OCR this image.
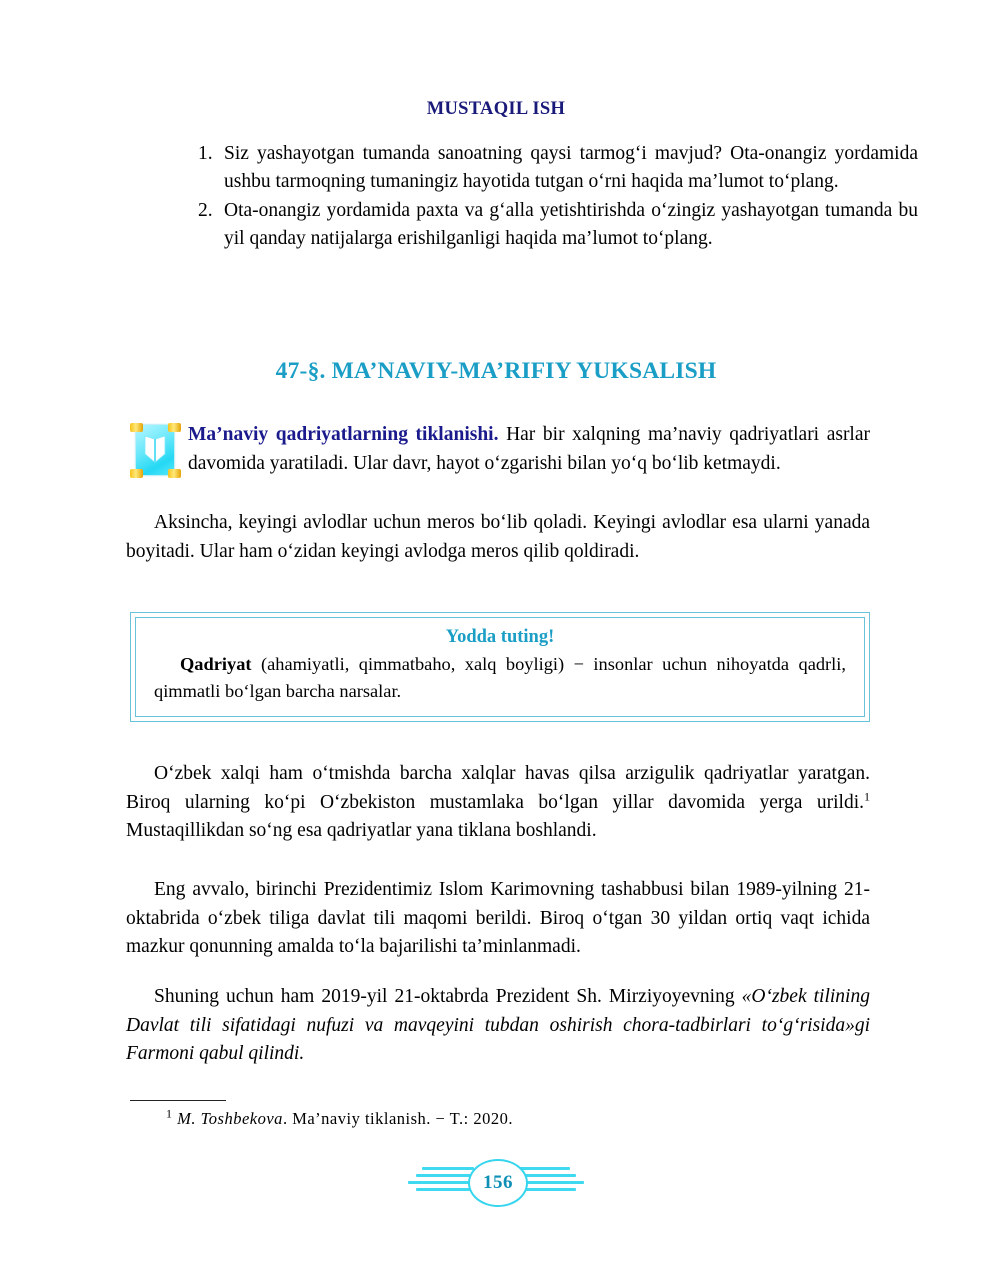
MUSTAQIL ISH
1. Siz yashayotgan tumanda sanoatning qaysi tarmog‘i mavjud? Ota-onangiz yordamida ushbu tarmoqning tumaningiz hayotida tutgan o‘rni haqida ma’lumot to‘plang.
2. Ota-onangiz yordamida paxta va g‘alla yetishtirishda o‘zingiz yashayotgan tumanda bu yil qanday natijalarga erishilganligi haqida ma’lumot to‘plang.
47-§. MA’NAVIY-MA’RIFIY YUKSALISH
Ma’naviy qadriyatlarning tiklanishi. Har bir xalqning ma’naviy qadriyatlari asrlar davomida yaratiladi. Ular davr, hayot o‘zgarishi bilan yo‘q bo‘lib ketmaydi.
Aksincha, keyingi avlodlar uchun meros bo‘lib qoladi. Keyingi avlodlar esa ularni yanada boyitadi. Ular ham o‘zidan keyingi avlodga meros qilib qoldiradi.
Yodda tuting!
Qadriyat (ahamiyatli, qimmatbaho, xalq boyligi) − insonlar uchun nihoyatda qadrli, qimmatli bo‘lgan barcha narsalar.
O‘zbek xalqi ham o‘tmishda barcha xalqlar havas qilsa arzigulik qadriyatlar yaratgan. Biroq ularning ko‘pi O‘zbekiston mustamlaka bo‘lgan yillar davomida yerga urildi.$^1$ Mustaqillikdan so‘ng esa qadriyatlar yana tiklana boshlandi.
Eng avvalo, birinchi Prezidentimiz Islom Karimovning tashabbusi bilan 1989-yilning 21-oktabrida o‘zbek tiliga davlat tili maqomi berildi. Biroq o‘tgan 30 yildan ortiq vaqt ichida mazkur qonunning amalda to‘la bajarilishi ta’minlanmadi.
Shuning uchun ham 2019-yil 21-oktabrda Prezident Sh. Mirziyoyevning «O‘zbek tilining Davlat tili sifatidagi nufuzi va mavqeyini tubdan oshirish chora-tadbirlari to‘g‘risida»gi Farmoni qabul qilindi.
$^1$ M. Toshbekova. Ma’naviy tiklanish. − T.: 2020.
156
